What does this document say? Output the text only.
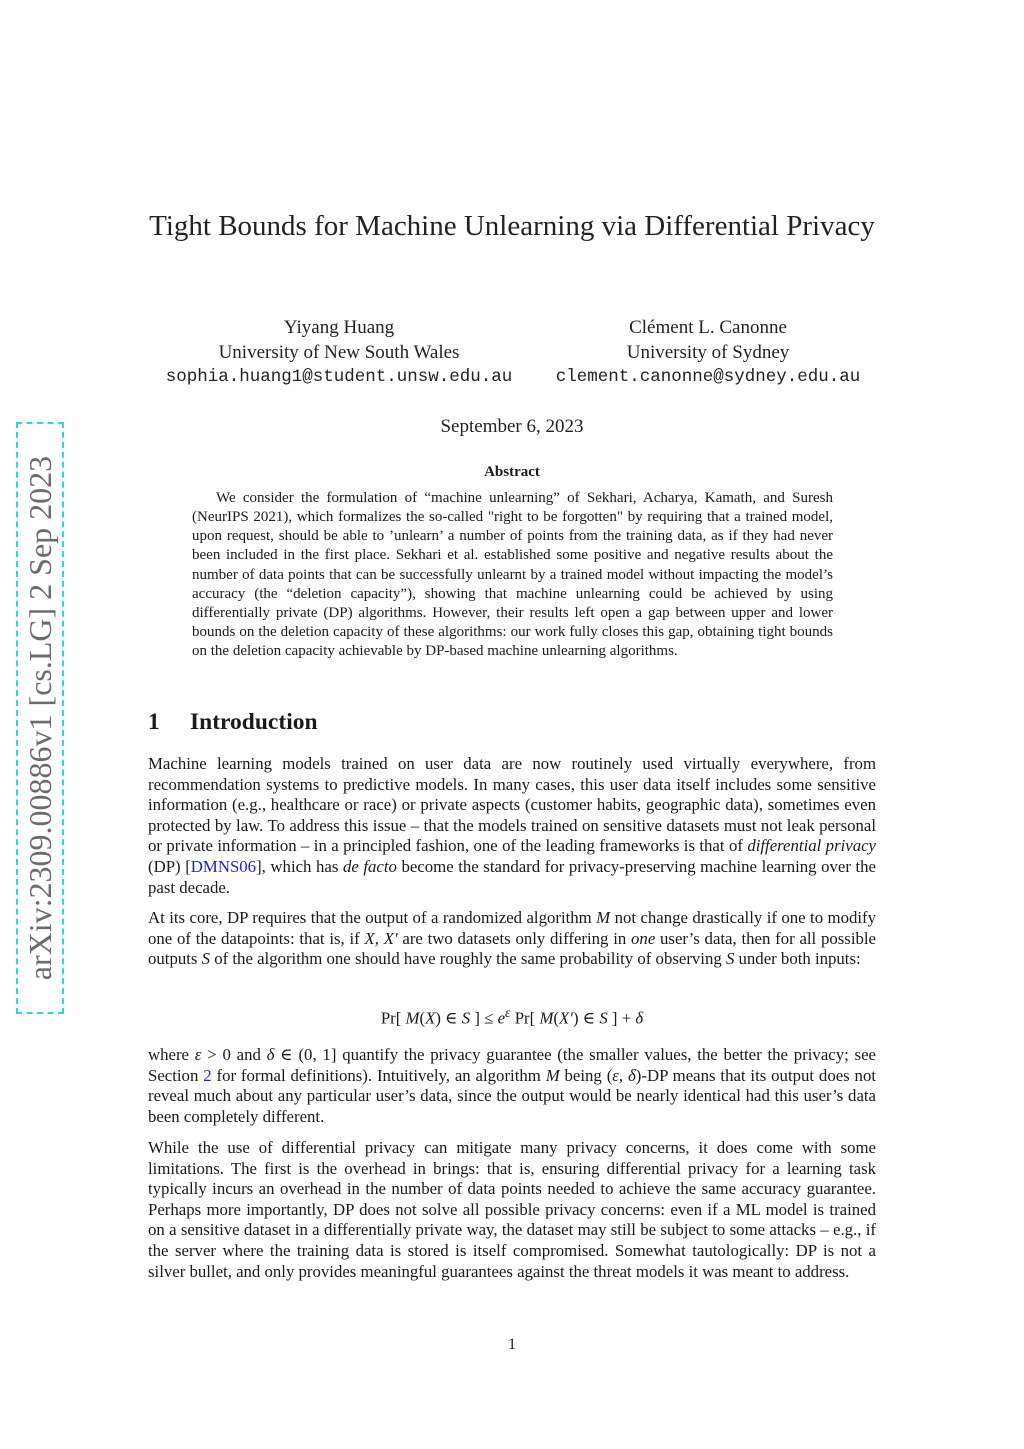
arXiv:2309.00886v1 [cs.LG] 2 Sep 2023
Tight Bounds for Machine Unlearning via Differential Privacy
Yiyang Huang
University of New South Wales
sophia.huang1@student.unsw.edu.au
Clément L. Canonne
University of Sydney
clement.canonne@sydney.edu.au
September 6, 2023
Abstract

We consider the formulation of “machine unlearning” of Sekhari, Acharya, Kamath, and Suresh (NeurIPS 2021), which formalizes the so-called "right to be forgotten" by requiring that a trained model, upon request, should be able to ’unlearn’ a number of points from the training data, as if they had never been included in the first place. Sekhari et al. established some positive and negative results about the number of data points that can be successfully unlearnt by a trained model without impacting the model’s accuracy (the “deletion capacity”), showing that machine unlearning could be achieved by using differentially private (DP) algorithms. However, their results left open a gap between upper and lower bounds on the deletion capacity of these algorithms: our work fully closes this gap, obtaining tight bounds on the deletion capacity achievable by DP-based machine unlearning algorithms.

1 Introduction

Machine learning models trained on user data are now routinely used virtually everywhere, from recommendation systems to predictive models. In many cases, this user data itself includes some sensitive information (e.g., healthcare or race) or private aspects (customer habits, geographic data), sometimes even protected by law. To address this issue – that the models trained on sensitive datasets must not leak personal or private information – in a principled fashion, one of the leading frameworks is that of differential privacy (DP) [DMNS06], which has de facto become the standard for privacy-preserving machine learning over the past decade.

At its core, DP requires that the output of a randomized algorithm M not change drastically if one to modify one of the datapoints: that is, if X, X′ are two datasets only differing in one user’s data, then for all possible outputs S of the algorithm one should have roughly the same probability of observing S under both inputs:

Pr[ M(X) ∈ S ] ≤ $e^\varepsilon$ Pr[ M(X′) ∈ S ] + δ

where ε > 0 and δ ∈ (0, 1] quantify the privacy guarantee (the smaller values, the better the privacy; see Section 2 for formal definitions). Intuitively, an algorithm M being (ε, δ)-DP means that its output does not reveal much about any particular user’s data, since the output would be nearly identical had this user’s data been completely different.

While the use of differential privacy can mitigate many privacy concerns, it does come with some limitations. The first is the overhead in brings: that is, ensuring differential privacy for a learning task typically incurs an overhead in the number of data points needed to achieve the same accuracy guarantee. Perhaps more importantly, DP does not solve all possible privacy concerns: even if a ML model is trained on a sensitive dataset in a differentially private way, the dataset may still be subject to some attacks – e.g., if the server where the training data is stored is itself compromised. Somewhat tautologically: DP is not a silver bullet, and only provides meaningful guarantees against the threat models it was meant to address.

1
